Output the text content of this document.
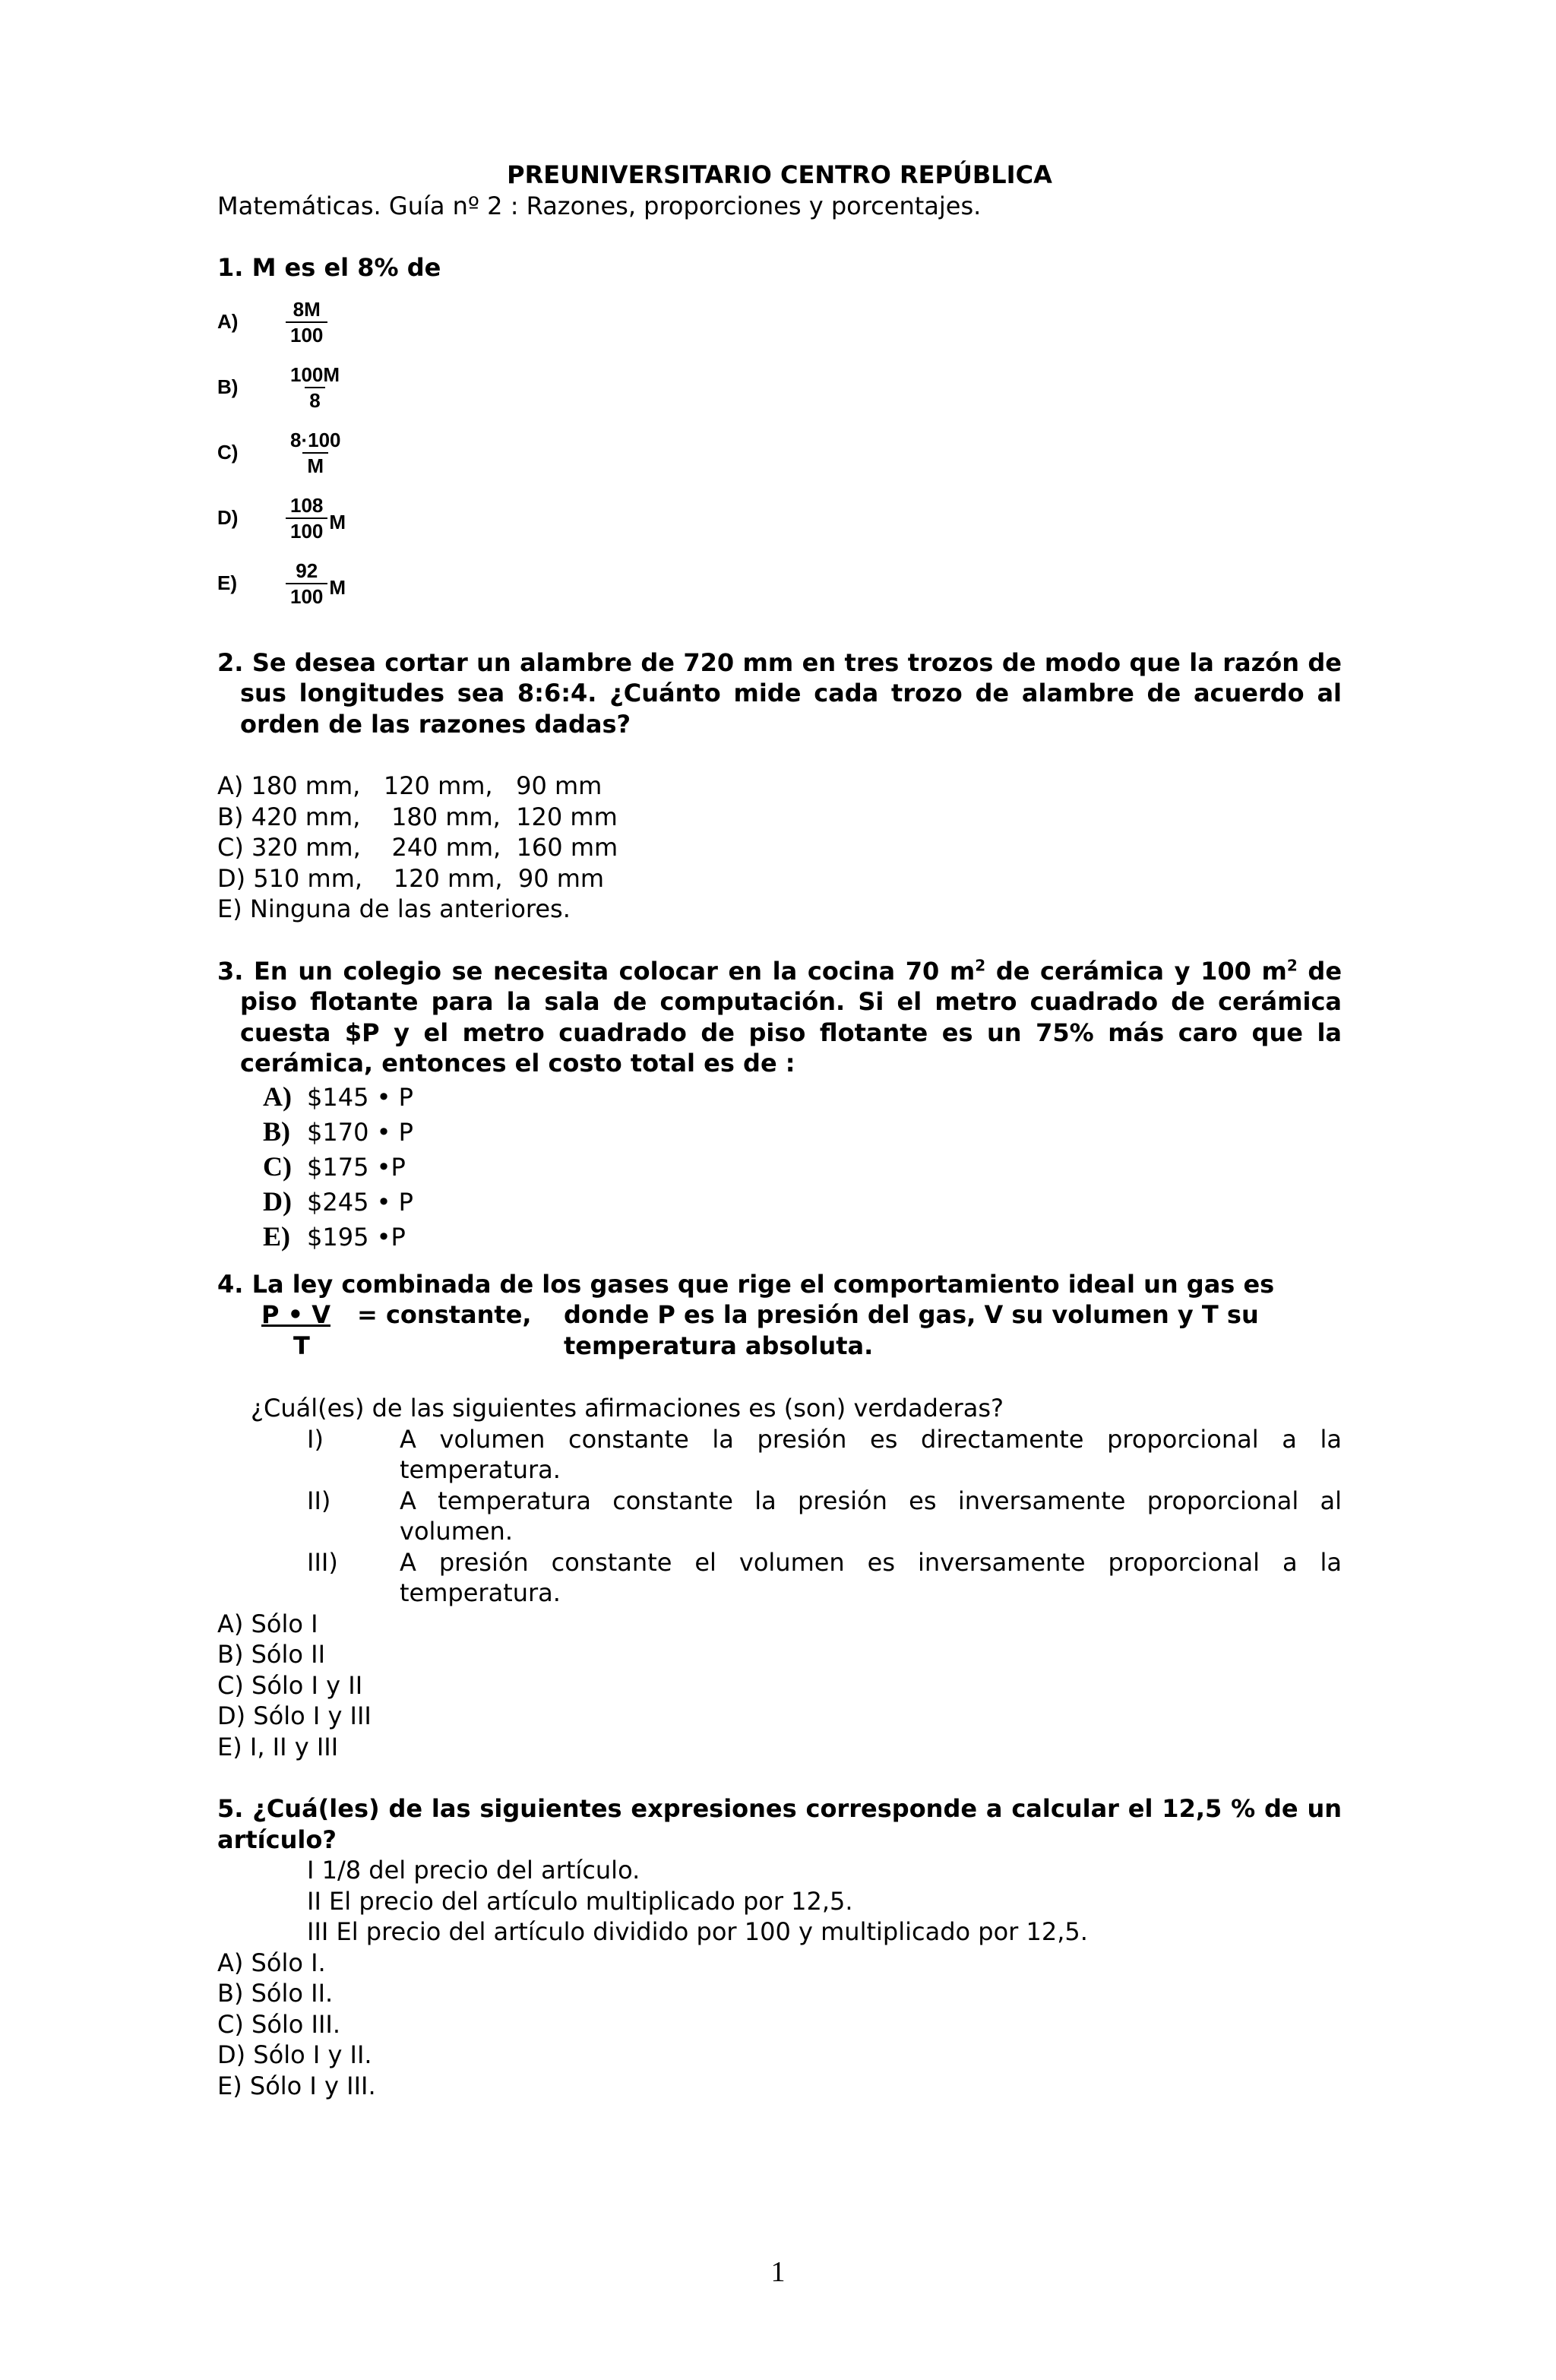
PREUNIVERSITARIO CENTRO REPÚBLICA

Matemáticas. Guía nº 2 : Razones, proporciones y porcentajes.

1. M es el 8% de

A)	$\frac{8M}{100}$
B)	$\frac{100M}{8}$
C)	$\frac{8\cdot 100}{M}$
D)	$\frac{108}{100}$ M
E)	$\frac{92}{100}$ M

2. Se desea cortar un alambre de 720 mm en tres trozos de modo que la razón de sus longitudes sea 8:6:4. ¿Cuánto mide cada trozo de alambre de acuerdo al orden de las razones dadas?

A) 180 mm,   120 mm,   90 mm

B) 420 mm,    180 mm,  120 mm

C) 320 mm,    240 mm,  160 mm

D) 510 mm,    120 mm,  90 mm

E) Ninguna de las anteriores.

3. En un colegio se necesita colocar en la cocina 70 $m^2$ de cerámica y 100 $m^2$ de piso flotante para la sala de computación. Si el metro cuadrado de cerámica cuesta $P y el metro cuadrado de piso flotante es un 75% más caro que la cerámica, entonces el costo total es de :

A) $145 • P
B) $170 • P
C) $175 •P
D) $245 • P
E) $195 •P

4. La ley combinada de los gases que rige el comportamiento ideal un gas es

P • V = constante, donde P es la presión del gas, V su volumen y T su
T	temperatura absoluta.

¿Cuál(es) de las siguientes afirmaciones es (son) verdaderas?

I)	A volumen constante la presión es directamente proporcional a la temperatura.
II)	A temperatura constante la presión es inversamente proporcional al volumen.
III)	A presión constante el volumen es inversamente proporcional a la temperatura.

A) Sólo I

B) Sólo II

C) Sólo I y II

D) Sólo I y III

E) I, II y III

5. ¿Cuá(les) de las siguientes expresiones corresponde a calcular el 12,5 % de un artículo?

I 1/8 del precio del artículo.

II El precio del artículo multiplicado por 12,5.

III El precio del artículo dividido por 100 y multiplicado por 12,5.

A) Sólo I.

B) Sólo II.

C) Sólo III.

D) Sólo I y II.

E) Sólo I y III.

1
